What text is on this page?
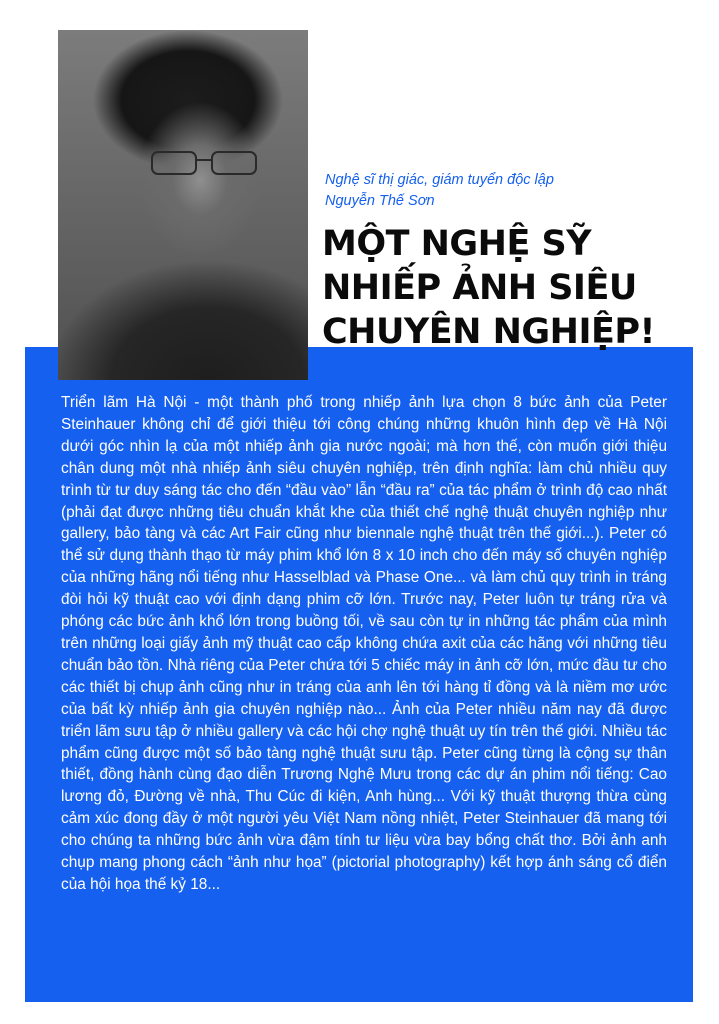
Nghệ sĩ thị giác, giám tuyển độc lập
Nguyễn Thế Sơn
MỘT NGHỆ SỸ
NHIẾP ẢNH SIÊU
CHUYÊN NGHIỆP!

Triển lãm Hà Nội - một thành phố trong nhiếp ảnh lựa chọn 8 bức ảnh của Peter Steinhauer không chỉ để giới thiệu tới công chúng những khuôn hình đẹp về Hà Nội dưới góc nhìn lạ của một nhiếp ảnh gia nước ngoài; mà hơn thế, còn muốn giới thiệu chân dung một nhà nhiếp ảnh siêu chuyên nghiệp, trên định nghĩa: làm chủ nhiều quy trình từ tư duy sáng tác cho đến “đầu vào” lẫn “đầu ra” của tác phẩm ở trình độ cao nhất (phải đạt được những tiêu chuẩn khắt khe của thiết chế nghệ thuật chuyên nghiệp như gallery, bảo tàng và các Art Fair cũng như biennale nghệ thuật trên thế giới...). Peter có thể sử dụng thành thạo từ máy phim khổ lớn 8 x 10 inch cho đến máy số chuyên nghiệp của những hãng nổi tiếng như Hasselblad và Phase One... và làm chủ quy trình in tráng đòi hỏi kỹ thuật cao với định dạng phim cỡ lớn. Trước nay, Peter luôn tự tráng rửa và phóng các bức ảnh khổ lớn trong buồng tối, về sau còn tự in những tác phẩm của mình trên những loại giấy ảnh mỹ thuật cao cấp không chứa axit của các hãng với những tiêu chuẩn bảo tồn. Nhà riêng của Peter chứa tới 5 chiếc máy in ảnh cỡ lớn, mức đầu tư cho các thiết bị chụp ảnh cũng như in tráng của anh lên tới hàng tỉ đồng và là niềm mơ ước của bất kỳ nhiếp ảnh gia chuyên nghiệp nào... Ảnh của Peter nhiều năm nay đã được triển lãm sưu tập ở nhiều gallery và các hội chợ nghệ thuật uy tín trên thế giới. Nhiều tác phẩm cũng được một số bảo tàng nghệ thuật sưu tập. Peter cũng từng là cộng sự thân thiết, đồng hành cùng đạo diễn Trương Nghệ Mưu trong các dự án phim nổi tiếng: Cao lương đỏ, Đường về nhà, Thu Cúc đi kiện, Anh hùng... Với kỹ thuật thượng thừa cùng cảm xúc đong đầy ở một người yêu Việt Nam nồng nhiệt, Peter Steinhauer đã mang tới cho chúng ta những bức ảnh vừa đậm tính tư liệu vừa bay bổng chất thơ. Bởi ảnh anh chụp mang phong cách “ảnh như họa” (pictorial photography) kết hợp ánh sáng cổ điển của hội họa thế kỷ 18...
